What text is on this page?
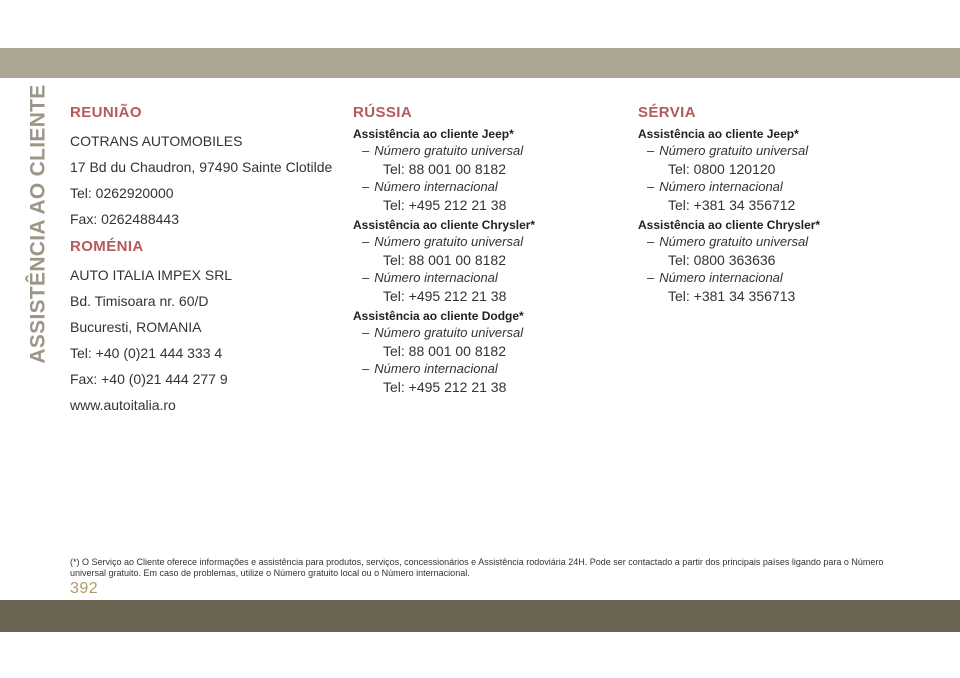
ASSISTÊNCIA AO CLIENTE REUNIÃO
COTRANS AUTOMOBILES
17 Bd du Chaudron, 97490 Sainte Clotilde
Tel: 0262920000
Fax: 0262488443
ROMÉNIA
AUTO ITALIA IMPEX SRL
Bd. Timisoara nr. 60/D
Bucuresti, ROMANIA
Tel: +40 (0)21 444 333 4
Fax: +40 (0)21 444 277 9
www.autoitalia.ro
RÚSSIA
Assistência ao cliente Jeep*
– Número gratuito universal
Tel: 88 001 00 8182
– Número internacional
Tel: +495 212 21 38
Assistência ao cliente Chrysler*
– Número gratuito universal
Tel: 88 001 00 8182
– Número internacional
Tel: +495 212 21 38
Assistência ao cliente Dodge*
– Número gratuito universal
Tel: 88 001 00 8182
– Número internacional
Tel: +495 212 21 38
SÉRVIA
Assistência ao cliente Jeep*
– Número gratuito universal
Tel: 0800 120120
– Número internacional
Tel: +381 34 356712
Assistência ao cliente Chrysler*
– Número gratuito universal
Tel: 0800 363636
– Número internacional
Tel: +381 34 356713
(*) O Serviço ao Cliente oferece informações e assistência para produtos, serviços, concessionários e Assistência rodoviária 24H. Pode ser contactado a partir dos principais países ligando para o Número universal gratuito. Em caso de problemas, utilize o Número gratuito local ou o Número internacional.
392
